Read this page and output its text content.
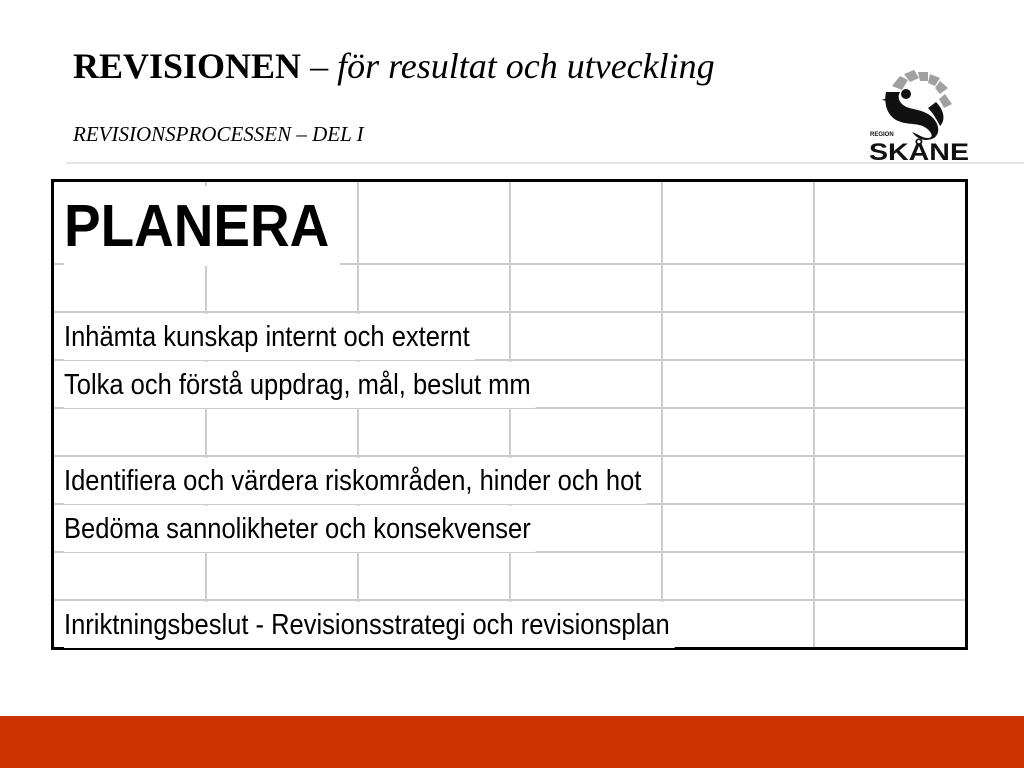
REVISIONEN – för resultat och utveckling
REVISIONSPROCESSEN – DEL I	REGION
SKÅNE
PLANERA
Inhämta kunskap internt och externt
Tolka och förstå uppdrag, mål, beslut mm
Identifiera och värdera riskområden, hinder och hot
Bedöma sannolikheter och konsekvenser
Inriktningsbeslut - Revisionsstrategi och revisionsplan
